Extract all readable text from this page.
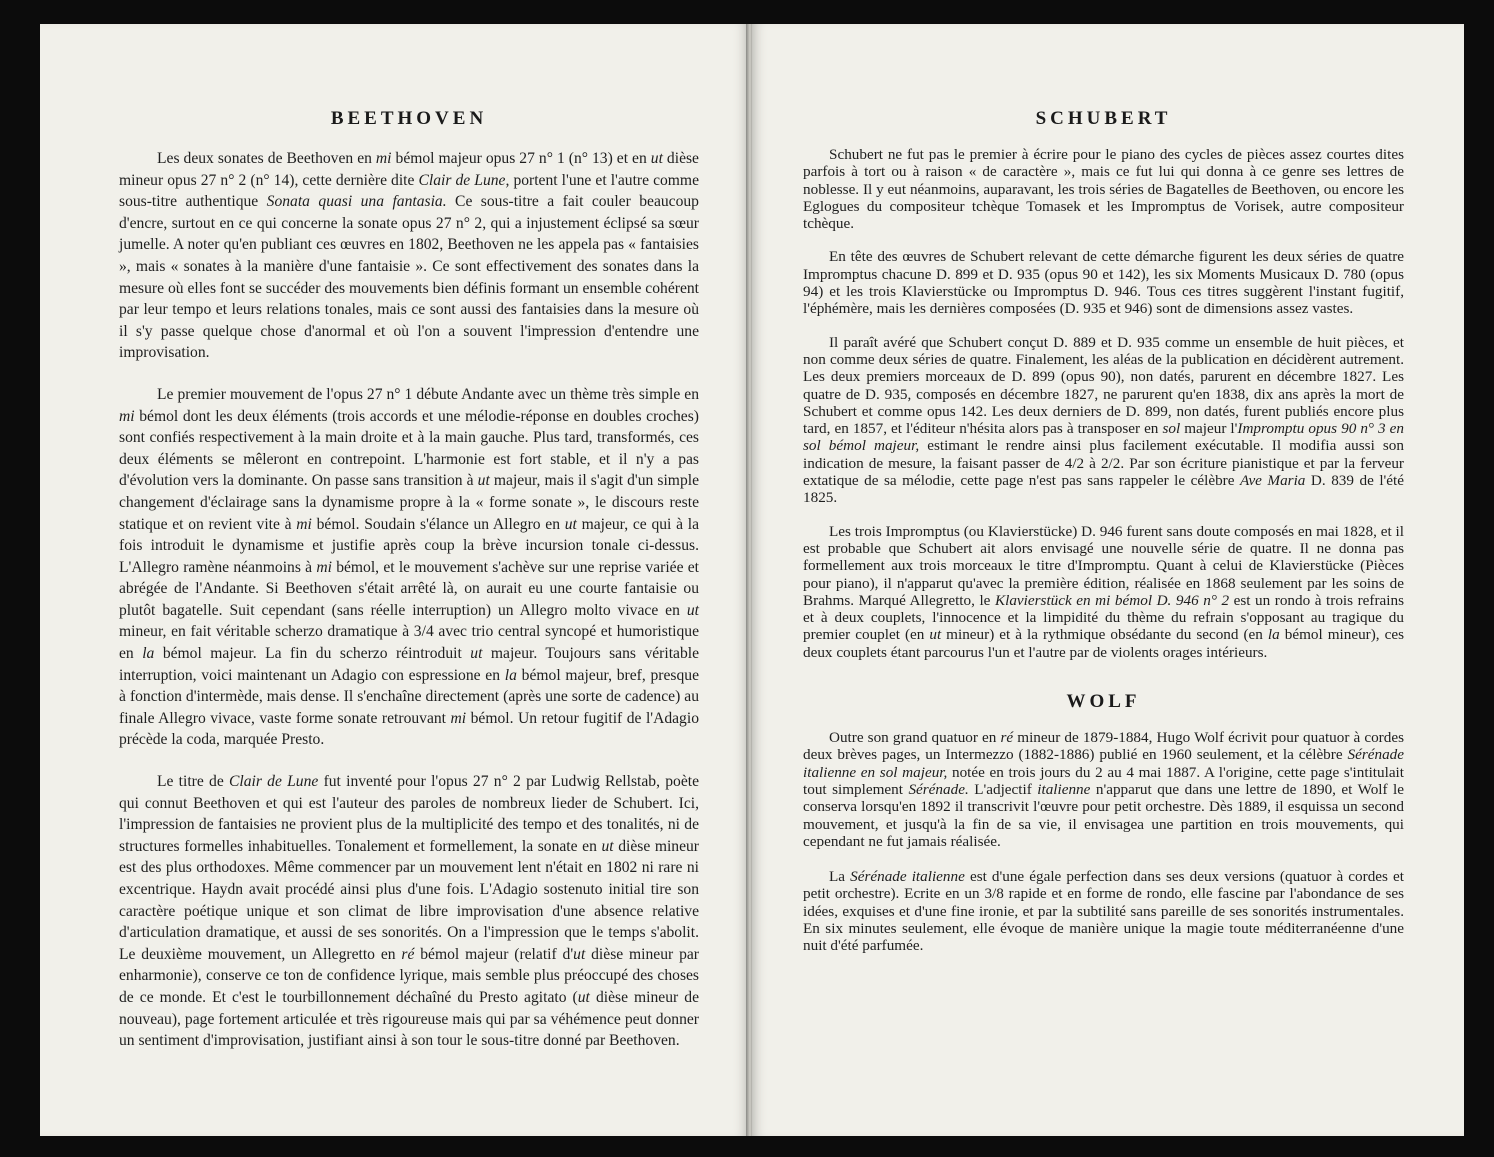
BEETHOVEN

Les deux sonates de Beethoven en mi bémol majeur opus 27 n° 1 (n° 13) et en ut dièse mineur opus 27 n° 2 (n° 14), cette dernière dite Clair de Lune, portent l'une et l'autre comme sous-titre authentique Sonata quasi una fantasia. Ce sous-titre a fait couler beaucoup d'encre, surtout en ce qui concerne la sonate opus 27 n° 2, qui a injustement éclipsé sa sœur jumelle. A noter qu'en publiant ces œuvres en 1802, Beethoven ne les appela pas « fantaisies », mais « sonates à la manière d'une fantaisie ». Ce sont effectivement des sonates dans la mesure où elles font se succéder des mouvements bien définis formant un ensemble cohérent par leur tempo et leurs relations tonales, mais ce sont aussi des fantaisies dans la mesure où il s'y passe quelque chose d'anormal et où l'on a souvent l'impression d'entendre une improvisation.

Le premier mouvement de l'opus 27 n° 1 débute Andante avec un thème très simple en mi bémol dont les deux éléments (trois accords et une mélodie-réponse en doubles croches) sont confiés respectivement à la main droite et à la main gauche. Plus tard, transformés, ces deux éléments se mêleront en contrepoint. L'harmonie est fort stable, et il n'y a pas d'évolution vers la dominante. On passe sans transition à ut majeur, mais il s'agit d'un simple changement d'éclairage sans la dynamisme propre à la « forme sonate », le discours reste statique et on revient vite à mi bémol. Soudain s'élance un Allegro en ut majeur, ce qui à la fois introduit le dynamisme et justifie après coup la brève incursion tonale ci-dessus. L'Allegro ramène néanmoins à mi bémol, et le mouvement s'achève sur une reprise variée et abrégée de l'Andante. Si Beethoven s'était arrêté là, on aurait eu une courte fantaisie ou plutôt bagatelle. Suit cependant (sans réelle interruption) un Allegro molto vivace en ut mineur, en fait véritable scherzo dramatique à 3/4 avec trio central syncopé et humoristique en la bémol majeur. La fin du scherzo réintroduit ut majeur. Toujours sans véritable interruption, voici maintenant un Adagio con espressione en la bémol majeur, bref, presque à fonction d'intermède, mais dense. Il s'enchaîne directement (après une sorte de cadence) au finale Allegro vivace, vaste forme sonate retrouvant mi bémol. Un retour fugitif de l'Adagio précède la coda, marquée Presto.

Le titre de Clair de Lune fut inventé pour l'opus 27 n° 2 par Ludwig Rellstab, poète qui connut Beethoven et qui est l'auteur des paroles de nombreux lieder de Schubert. Ici, l'impression de fantaisies ne provient plus de la multiplicité des tempo et des tonalités, ni de structures formelles inhabituelles. Tonalement et formellement, la sonate en ut dièse mineur est des plus orthodoxes. Même commencer par un mouvement lent n'était en 1802 ni rare ni excentrique. Haydn avait procédé ainsi plus d'une fois. L'Adagio sostenuto initial tire son caractère poétique unique et son climat de libre improvisation d'une absence relative d'articulation dramatique, et aussi de ses sonorités. On a l'impression que le temps s'abolit. Le deuxième mouvement, un Allegretto en ré bémol majeur (relatif d'ut dièse mineur par enharmonie), conserve ce ton de confidence lyrique, mais semble plus préoccupé des choses de ce monde. Et c'est le tourbillonnement déchaîné du Presto agitato (ut dièse mineur de nouveau), page fortement articulée et très rigoureuse mais qui par sa véhémence peut donner un sentiment d'improvisation, justifiant ainsi à son tour le sous-titre donné par Beethoven.

SCHUBERT

Schubert ne fut pas le premier à écrire pour le piano des cycles de pièces assez courtes dites parfois à tort ou à raison « de caractère », mais ce fut lui qui donna à ce genre ses lettres de noblesse. Il y eut néanmoins, auparavant, les trois séries de Bagatelles de Beethoven, ou encore les Eglogues du compositeur tchèque Tomasek et les Impromptus de Vorisek, autre compositeur tchèque.

En tête des œuvres de Schubert relevant de cette démarche figurent les deux séries de quatre Impromptus chacune D. 899 et D. 935 (opus 90 et 142), les six Moments Musicaux D. 780 (opus 94) et les trois Klavierstücke ou Impromptus D. 946. Tous ces titres suggèrent l'instant fugitif, l'éphémère, mais les dernières composées (D. 935 et 946) sont de dimensions assez vastes.

Il paraît avéré que Schubert conçut D. 889 et D. 935 comme un ensemble de huit pièces, et non comme deux séries de quatre. Finalement, les aléas de la publication en décidèrent autrement. Les deux premiers morceaux de D. 899 (opus 90), non datés, parurent en décembre 1827. Les quatre de D. 935, composés en décembre 1827, ne parurent qu'en 1838, dix ans après la mort de Schubert et comme opus 142. Les deux derniers de D. 899, non datés, furent publiés encore plus tard, en 1857, et l'éditeur n'hésita alors pas à transposer en sol majeur l'Impromptu opus 90 n° 3 en sol bémol majeur, estimant le rendre ainsi plus facilement exécutable. Il modifia aussi son indication de mesure, la faisant passer de 4/2 à 2/2. Par son écriture pianistique et par la ferveur extatique de sa mélodie, cette page n'est pas sans rappeler le célèbre Ave Maria D. 839 de l'été 1825.

Les trois Impromptus (ou Klavierstücke) D. 946 furent sans doute composés en mai 1828, et il est probable que Schubert ait alors envisagé une nouvelle série de quatre. Il ne donna pas formellement aux trois morceaux le titre d'Impromptu. Quant à celui de Klavierstücke (Pièces pour piano), il n'apparut qu'avec la première édition, réalisée en 1868 seulement par les soins de Brahms. Marqué Allegretto, le Klavierstück en mi bémol D. 946 n° 2 est un rondo à trois refrains et à deux couplets, l'innocence et la limpidité du thème du refrain s'opposant au tragique du premier couplet (en ut mineur) et à la rythmique obsédante du second (en la bémol mineur), ces deux couplets étant parcourus l'un et l'autre par de violents orages intérieurs.

WOLF

Outre son grand quatuor en ré mineur de 1879-1884, Hugo Wolf écrivit pour quatuor à cordes deux brèves pages, un Intermezzo (1882-1886) publié en 1960 seulement, et la célèbre Sérénade italienne en sol majeur, notée en trois jours du 2 au 4 mai 1887. A l'origine, cette page s'intitulait tout simplement Sérénade. L'adjectif italienne n'apparut que dans une lettre de 1890, et Wolf le conserva lorsqu'en 1892 il transcrivit l'œuvre pour petit orchestre. Dès 1889, il esquissa un second mouvement, et jusqu'à la fin de sa vie, il envisagea une partition en trois mouvements, qui cependant ne fut jamais réalisée.

La Sérénade italienne est d'une égale perfection dans ses deux versions (quatuor à cordes et petit orchestre). Ecrite en un 3/8 rapide et en forme de rondo, elle fascine par l'abondance de ses idées, exquises et d'une fine ironie, et par la subtilité sans pareille de ses sonorités instrumentales. En six minutes seulement, elle évoque de manière unique la magie toute méditerranéenne d'une nuit d'été parfumée.
